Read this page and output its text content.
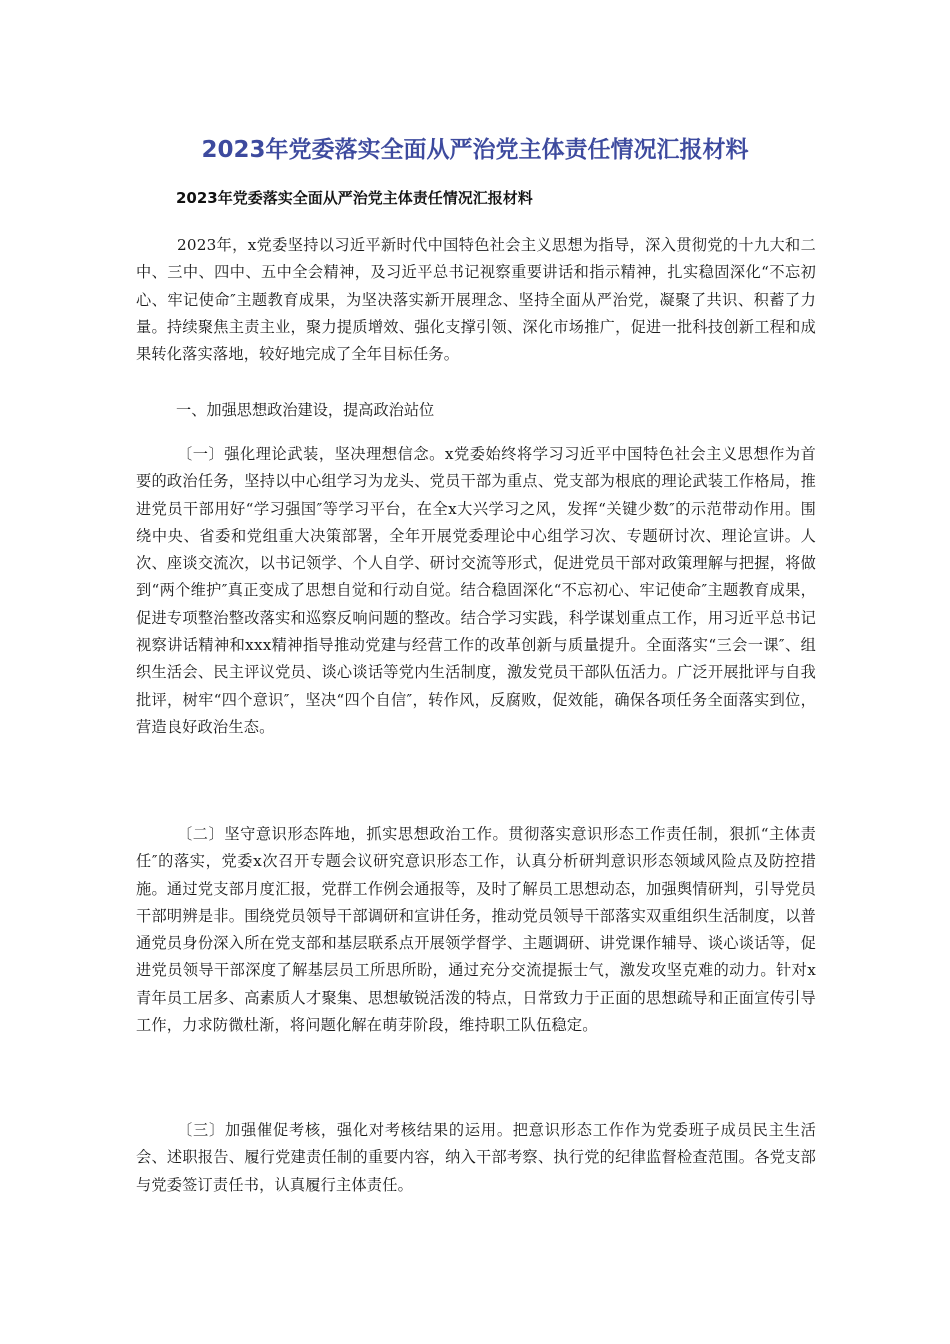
2023年党委落实全面从严治党主体责任情况汇报材料

2023年党委落实全面从严治党主体责任情况汇报材料

2023年，x党委坚持以习近平新时代中国特色社会主义思想为指导，深入贯彻党的十九大和二中、三中、四中、五中全会精神，及习近平总书记视察重要讲话和指示精神，扎实稳固深化“不忘初心、牢记使命″主题教育成果，为坚决落实新开展理念、坚持全面从严治党，凝聚了共识、积蓄了力量。持续聚焦主责主业，聚力提质增效、强化支撑引领、深化市场推广，促进一批科技创新工程和成果转化落实落地，较好地完成了全年目标任务。

一、加强思想政治建设，提高政治站位

〔一〕强化理论武装，坚决理想信念。x党委始终将学习习近平中国特色社会主义思想作为首要的政治任务，坚持以中心组学习为龙头、党员干部为重点、党支部为根底的理论武装工作格局，推进党员干部用好“学习强国″等学习平台，在全x大兴学习之风，发挥“关键少数″的示范带动作用。围绕中央、省委和党组重大决策部署，全年开展党委理论中心组学习次、专题研讨次、理论宣讲。人次、座谈交流次，以书记领学、个人自学、研讨交流等形式，促进党员干部对政策理解与把握，将做到“两个维护″真正变成了思想自觉和行动自觉。结合稳固深化“不忘初心、牢记使命″主题教育成果，促进专项整治整改落实和巡察反响问题的整改。结合学习实践，科学谋划重点工作，用习近平总书记视察讲话精神和xxx精神指导推动党建与经营工作的改革创新与质量提升。全面落实“三会一课″、组织生活会、民主评议党员、谈心谈话等党内生活制度，激发党员干部队伍活力。广泛开展批评与自我批评，树牢“四个意识″，坚决“四个自信″，转作风，反腐败，促效能，确保各项任务全面落实到位，营造良好政治生态。

〔二〕坚守意识形态阵地，抓实思想政治工作。贯彻落实意识形态工作责任制，狠抓“主体责任″的落实，党委x次召开专题会议研究意识形态工作，认真分析研判意识形态领域风险点及防控措施。通过党支部月度汇报，党群工作例会通报等，及时了解员工思想动态，加强舆情研判，引导党员干部明辨是非。围绕党员领导干部调研和宣讲任务，推动党员领导干部落实双重组织生活制度，以普通党员身份深入所在党支部和基层联系点开展领学督学、主题调研、讲党课作辅导、谈心谈话等，促进党员领导干部深度了解基层员工所思所盼，通过充分交流提振士气，激发攻坚克难的动力。针对x青年员工居多、高素质人才聚集、思想敏锐活泼的特点，日常致力于正面的思想疏导和正面宣传引导工作，力求防微杜渐，将问题化解在萌芽阶段，维持职工队伍稳定。

〔三〕加强催促考核，强化对考核结果的运用。把意识形态工作作为党委班子成员民主生活会、述职报告、履行党建责任制的重要内容，纳入干部考察、执行党的纪律监督检查范围。各党支部与党委签订责任书，认真履行主体责任。
